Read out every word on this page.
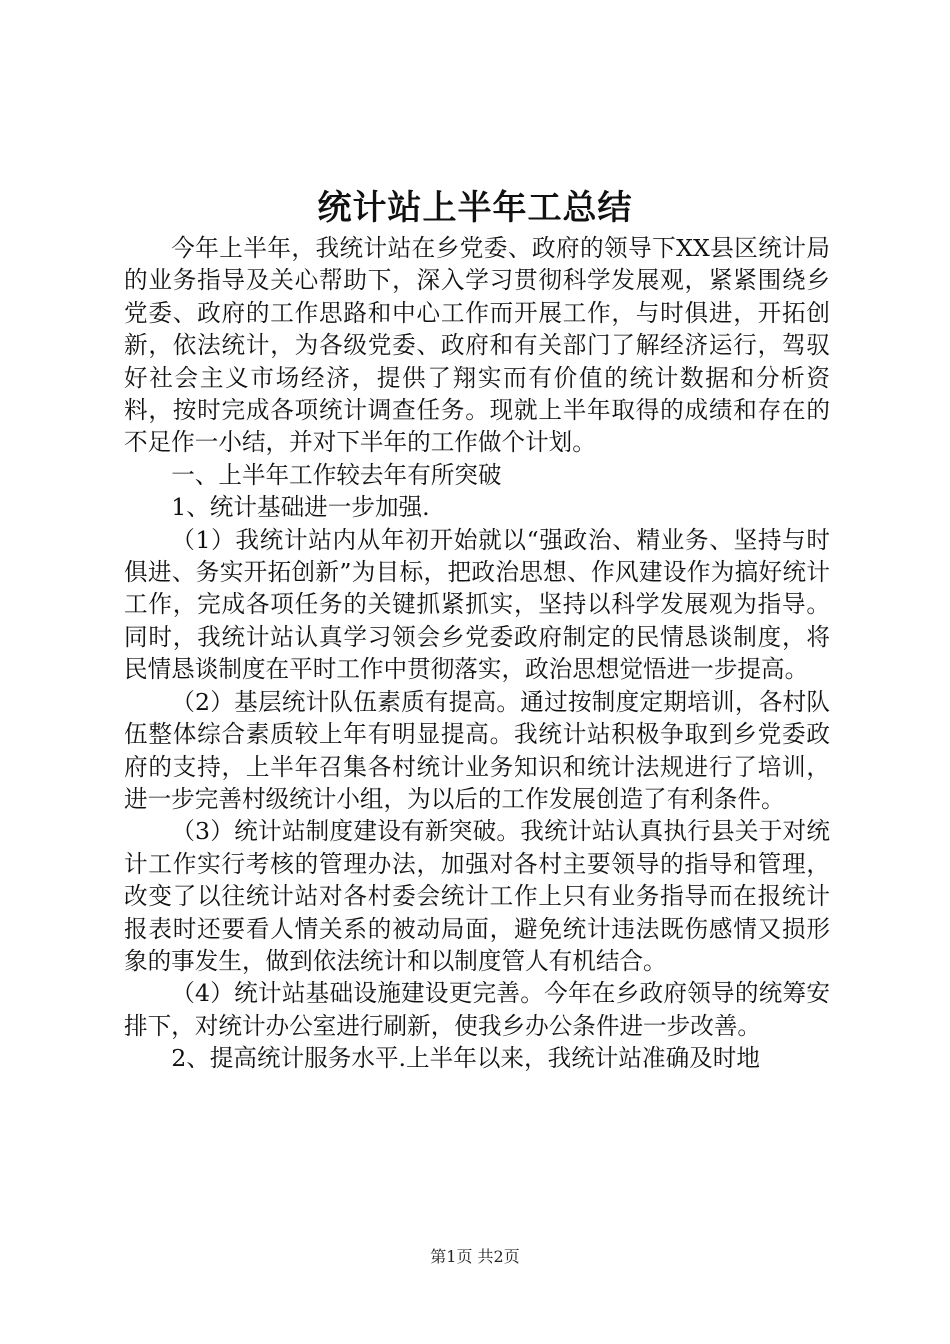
统计站上半年工总结

今年上半年，我统计站在乡党委、政府的领导下XX县区统计局的业务指导及关心帮助下，深入学习贯彻科学发展观，紧紧围绕乡党委、政府的工作思路和中心工作而开展工作，与时俱进，开拓创新，依法统计，为各级党委、政府和有关部门了解经济运行，驾驭好社会主义市场经济，提供了翔实而有价值的统计数据和分析资料，按时完成各项统计调查任务。现就上半年取得的成绩和存在的不足作一小结，并对下半年的工作做个计划。

一、上半年工作较去年有所突破

1、统计基础进一步加强.

（1）我统计站内从年初开始就以“强政治、精业务、坚持与时俱进、务实开拓创新”为目标，把政治思想、作风建设作为搞好统计工作，完成各项任务的关键抓紧抓实，坚持以科学发展观为指导。同时，我统计站认真学习领会乡党委政府制定的民情恳谈制度，将民情恳谈制度在平时工作中贯彻落实，政治思想觉悟进一步提高。

（2）基层统计队伍素质有提高。通过按制度定期培训，各村队伍整体综合素质较上年有明显提高。我统计站积极争取到乡党委政府的支持，上半年召集各村统计业务知识和统计法规进行了培训，进一步完善村级统计小组，为以后的工作发展创造了有利条件。

（3）统计站制度建设有新突破。我统计站认真执行县关于对统计工作实行考核的管理办法，加强对各村主要领导的指导和管理，改变了以往统计站对各村委会统计工作上只有业务指导而在报统计报表时还要看人情关系的被动局面，避免统计违法既伤感情又损形象的事发生，做到依法统计和以制度管人有机结合。

（4）统计站基础设施建设更完善。今年在乡政府领导的统筹安排下，对统计办公室进行刷新，使我乡办公条件进一步改善。

2、提高统计服务水平.上半年以来，我统计站准确及时地

第1页 共2页
